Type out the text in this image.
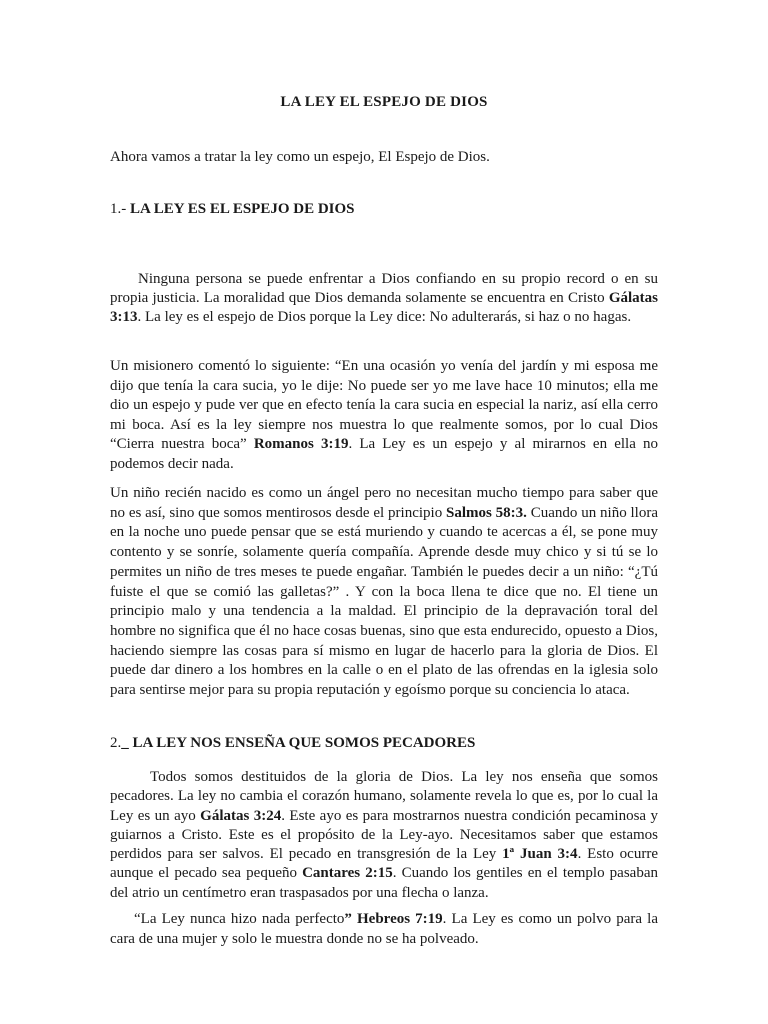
LA LEY EL ESPEJO DE DIOS
Ahora vamos a tratar la ley como un espejo, El Espejo de Dios.
1.- LA LEY ES EL ESPEJO DE DIOS
Ninguna persona se puede enfrentar a Dios confiando en su propio record o en su propia justicia. La moralidad que Dios demanda solamente se encuentra en Cristo Gálatas 3:13. La ley es el espejo de Dios porque la Ley dice: No adulterarás, si haz o no hagas.
Un misionero comentó lo siguiente: “En una ocasión yo venía del jardín y mi esposa me dijo que tenía la cara sucia, yo le dije: No puede ser yo me lave hace 10 minutos; ella me dio un espejo y pude ver que en efecto tenía la cara sucia en especial la nariz, así ella cerro mi boca. Así es la ley siempre nos muestra lo que realmente somos, por lo cual Dios “Cierra nuestra boca” Romanos 3:19. La Ley es un espejo y al mirarnos en ella no podemos decir nada.
Un niño recién nacido es como un ángel pero no necesitan mucho tiempo para saber que no es así, sino que somos mentirosos desde el principio Salmos 58:3. Cuando un niño llora en la noche uno puede pensar que se está muriendo y cuando te acercas a él, se pone muy contento y se sonríe, solamente quería compañía. Aprende desde muy chico y si tú se lo permites un niño de tres meses te puede engañar. También le puedes decir a un niño: “¿Tú fuiste el que se comió las galletas?” . Y con la boca llena te dice que no. El tiene un principio malo y una tendencia a la maldad. El principio de la depravación toral del hombre no significa que él no hace cosas buenas, sino que esta endurecido, opuesto a Dios, haciendo siempre las cosas para sí mismo en lugar de hacerlo para la gloria de Dios. El puede dar dinero a los hombres en la calle o en el plato de las ofrendas en la iglesia solo para sentirse mejor para su propia reputación y egoísmo porque su conciencia lo ataca.
2._ LA LEY NOS ENSEÑA QUE SOMOS PECADORES
Todos somos destituidos de la gloria de Dios. La ley nos enseña que somos pecadores. La ley no cambia el corazón humano, solamente revela lo que es, por lo cual la Ley es un ayo Gálatas 3:24. Este ayo es para mostrarnos nuestra condición pecaminosa y guiarnos a Cristo. Este es el propósito de la Ley-ayo. Necesitamos saber que estamos perdidos para ser salvos. El pecado en transgresión de la Ley 1ª Juan 3:4. Esto ocurre aunque el pecado sea pequeño Cantares 2:15. Cuando los gentiles en el templo pasaban del atrio un centímetro eran traspasados por una flecha o lanza.
“La Ley nunca hizo nada perfecto” Hebreos 7:19. La Ley es como un polvo para la cara de una mujer y solo le muestra donde no se ha polveado.
